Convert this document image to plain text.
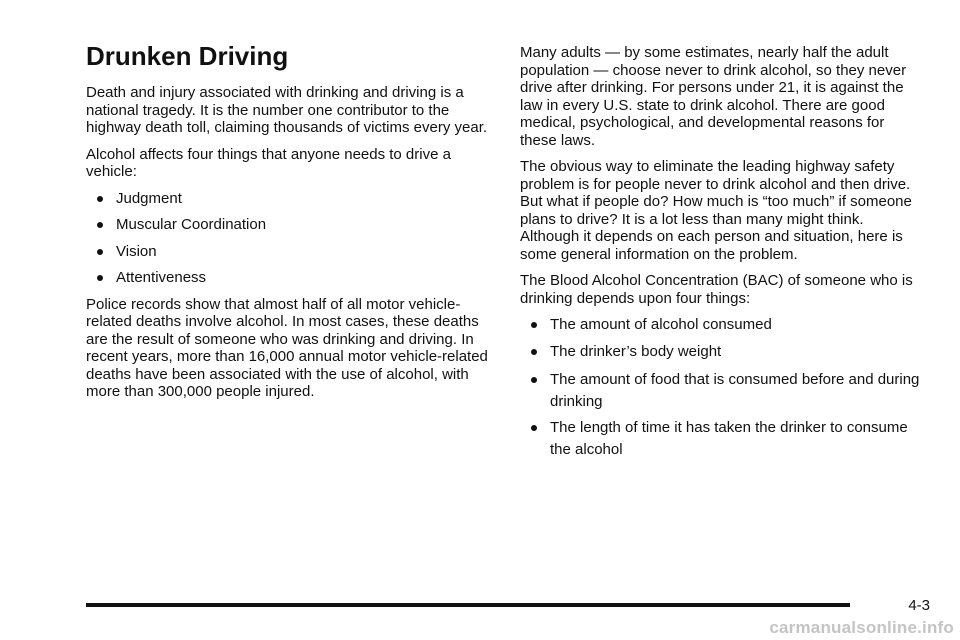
Drunken Driving

Death and injury associated with drinking and driving is a national tragedy. It is the number one contributor to the highway death toll, claiming thousands of victims every year.

Alcohol affects four things that anyone needs to drive a vehicle:

Judgment
Muscular Coordination
Vision
Attentiveness

Police records show that almost half of all motor vehicle-related deaths involve alcohol. In most cases, these deaths are the result of someone who was drinking and driving. In recent years, more than 16,000 annual motor vehicle-related deaths have been associated with the use of alcohol, with more than 300,000 people injured.

Many adults — by some estimates, nearly half the adult population — choose never to drink alcohol, so they never drive after drinking. For persons under 21, it is against the law in every U.S. state to drink alcohol. There are good medical, psychological, and developmental reasons for these laws.

The obvious way to eliminate the leading highway safety problem is for people never to drink alcohol and then drive. But what if people do? How much is “too much” if someone plans to drive? It is a lot less than many might think. Although it depends on each person and situation, here is some general information on the problem.

The Blood Alcohol Concentration (BAC) of someone who is drinking depends upon four things:

The amount of alcohol consumed
The drinker’s body weight
The amount of food that is consumed before and during drinking
The length of time it has taken the drinker to consume the alcohol
4-3
carmanualsonline.info
